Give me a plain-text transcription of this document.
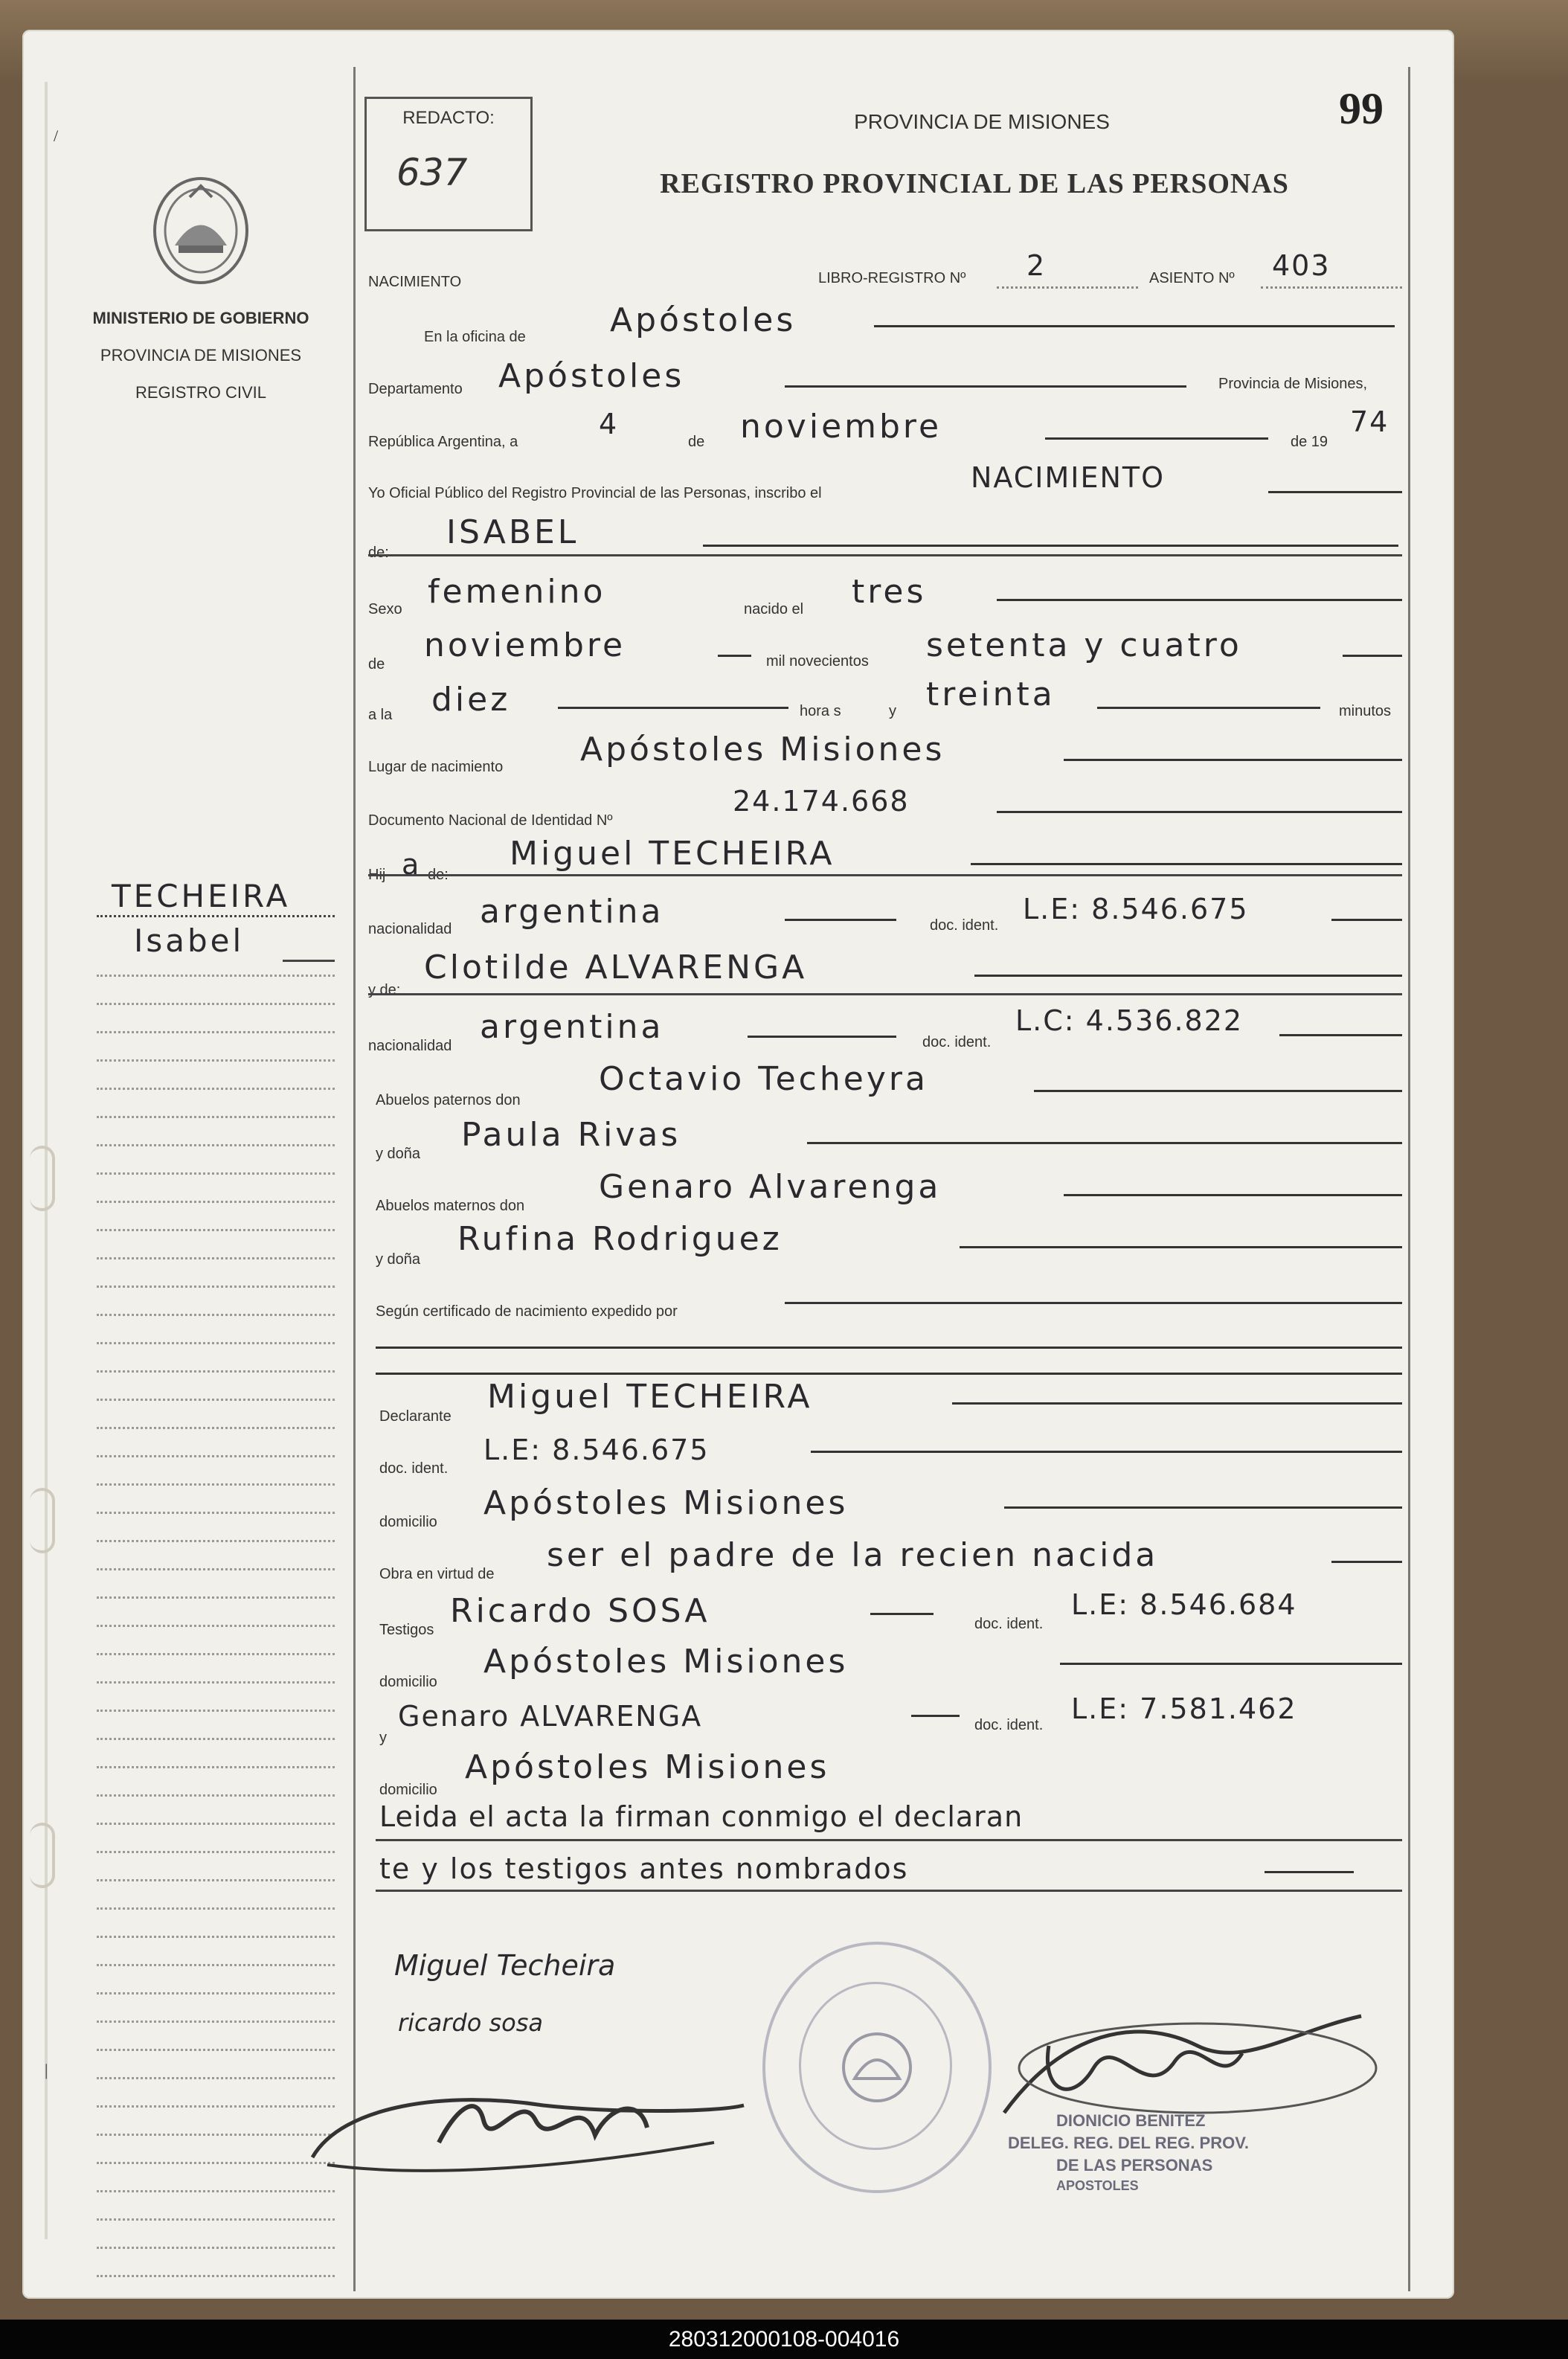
REDACTO:
637
MINISTERIO DE GOBIERNO
PROVINCIA DE MISIONES
REGISTRO CIVIL
99
PROVINCIA DE MISIONES
REGISTRO PROVINCIAL DE LAS PERSONAS
TECHEIRA
Isabel
NACIMIENTO	LIBRO-REGISTRO Nº 2	ASIENTO Nº 403
En la oficina de	Apóstoles
Departamento Apóstoles	Provincia de Misiones,
República Argentina, a
4
de noviembre	de 19
74
Yo Oficial Público del Registro Provincial de las Personas, inscribo el	NACIMIENTO
de:
ISABEL
Sexo femenino	nacido el tres
de noviembre	mil novecientos setenta y cuatro
a la diez	hora s	y treinta	minutos
Lugar de nacimiento Apóstoles Misiones
Documento Nacional de Identidad Nº
24.174.668
Hij a de:
Miguel TECHEIRA
nacionalidad argentina	doc. ident. L.E: 8.546.675
y de:
Clotilde ALVARENGA
nacionalidad argentina	doc. ident.
L.C: 4.536.822
Abuelos paternos don
Octavio Techeyra
y doña Paula Rivas
Abuelos maternos don Genaro Alvarenga
y doña
Rufina Rodriguez
Según certificado de nacimiento expedido por
Declarante
Miguel TECHEIRA
doc. ident.
L.E: 8.546.675
domicilio Apóstoles Misiones
Obra en virtud de ser el padre de la recien nacida
Testigos Ricardo SOSA	doc. ident.
L.E: 8.546.684
domicilio
Apóstoles Misiones
y
Genaro ALVARENGA	doc. ident. L.E: 7.581.462
domicilio
Apóstoles Misiones
Leida el acta la firman conmigo el declaran
te y los testigos antes nombrados
Miguel Techeira
ricardo sosa
DIONICIO BENITEZ
DELEG. REG. DEL REG. PROV.
DE LAS PERSONAS
APOSTOLES
/
|
280312000108-004016
